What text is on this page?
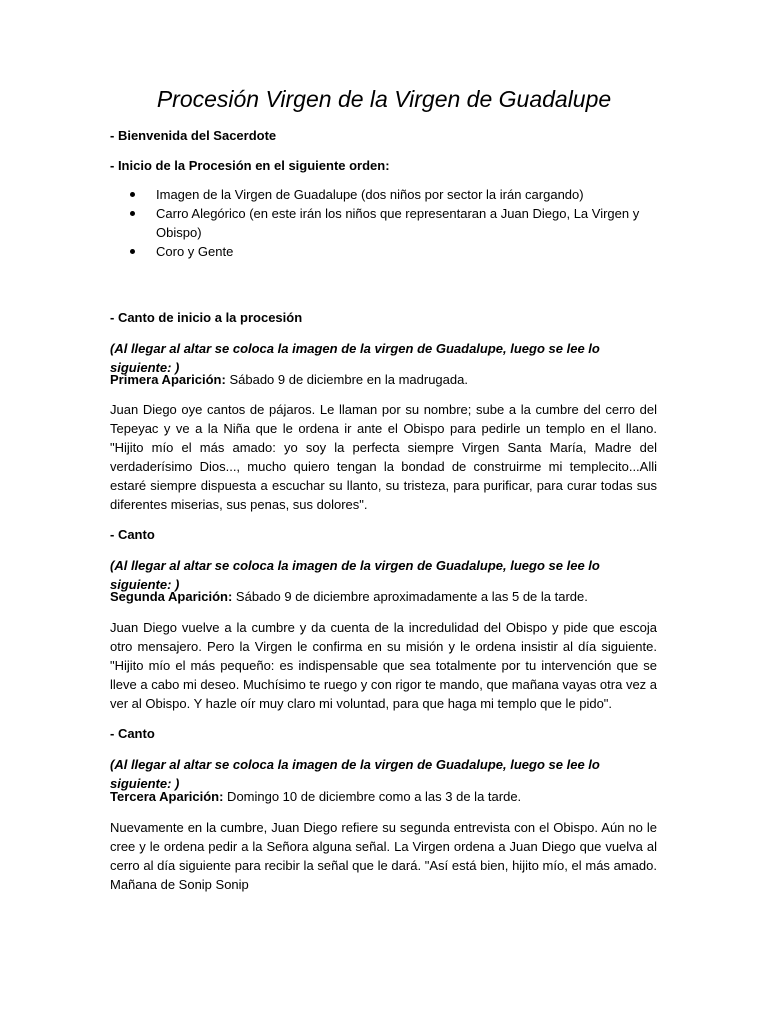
Procesión Virgen de la Virgen de Guadalupe

- Bienvenida del Sacerdote

- Inicio de la Procesión en el siguiente orden:

Imagen de la Virgen de Guadalupe (dos niños por sector la irán cargando)
Carro Alegórico (en este irán los niños que representaran a Juan Diego, La Virgen y Obispo)
Coro y Gente

- Canto de inicio a la procesión

(Al llegar al altar se coloca la imagen de la virgen de Guadalupe, luego se lee lo siguiente: )

Primera Aparición: Sábado 9 de diciembre en la madrugada.

Juan Diego oye cantos de pájaros. Le llaman por su nombre; sube a la cumbre del cerro del Tepeyac y ve a la Niña que le ordena ir ante el Obispo para pedirle un templo en el llano. "Hijito mío el más amado: yo soy la perfecta siempre Virgen Santa María, Madre del verdaderísimo Dios..., mucho quiero tengan la bondad de construirme mi templecito...Alli estaré siempre dispuesta a escuchar su llanto, su tristeza, para purificar, para curar todas sus diferentes miserias, sus penas, sus dolores".

- Canto

(Al llegar al altar se coloca la imagen de la virgen de Guadalupe, luego se lee lo siguiente: )

Segunda Aparición: Sábado 9 de diciembre aproximadamente a las 5 de la tarde.

Juan Diego vuelve a la cumbre y da cuenta de la incredulidad del Obispo y pide que escoja otro mensajero. Pero la Virgen le confirma en su misión y le ordena insistir al día siguiente. "Hijito mío el más pequeño: es indispensable que sea totalmente por tu intervención que se lleve a cabo mi deseo. Muchísimo te ruego y con rigor te mando, que mañana vayas otra vez a ver al Obispo. Y hazle oír muy claro mi voluntad, para que haga mi templo que le pido".

- Canto

(Al llegar al altar se coloca la imagen de la virgen de Guadalupe, luego se lee lo siguiente: )

Tercera Aparición: Domingo 10 de diciembre como a las 3 de la tarde.

Nuevamente en la cumbre, Juan Diego refiere su segunda entrevista con el Obispo. Aún no le cree y le ordena pedir a la Señora alguna señal. La Virgen ordena a Juan Diego que vuelva al cerro al día siguiente para recibir la señal que le dará. "Así está bien, hijito mío, el más amado. Mañana de Sonip Sonip
